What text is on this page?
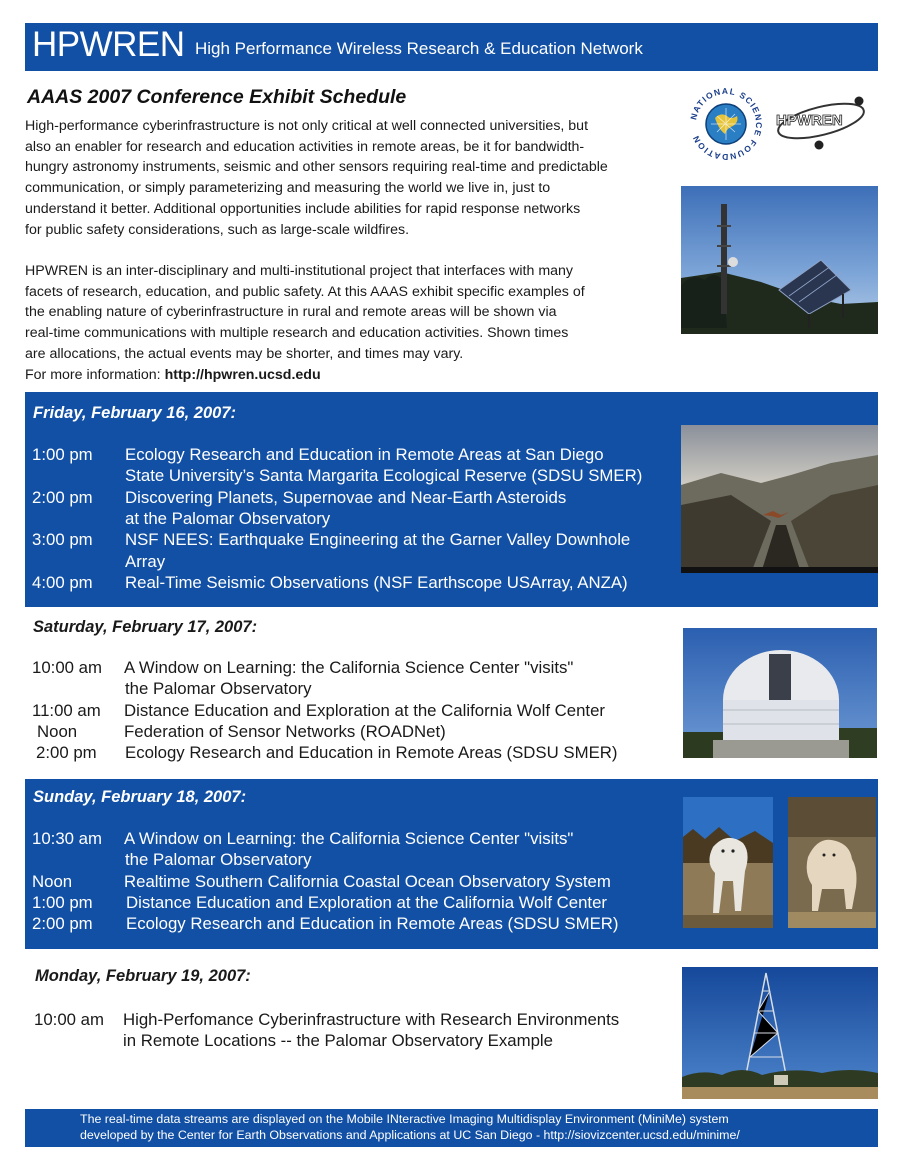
HPWREN High Performance Wireless Research & Education Network
AAAS 2007 Conference Exhibit Schedule
High-performance cyberinfrastructure is not only critical at well connected universities, but
also an enabler for research and education activities in remote areas, be it for bandwidth-
hungry astronomy instruments, seismic and other sensors requiring real-time and predictable
communication, or simply parameterizing and measuring the world we live in, just to
understand it better. Additional opportunities include abilities for rapid response networks
for public safety considerations, such as large-scale wildfires.
HPWREN is an inter-disciplinary and multi-institutional project that interfaces with many
facets of research, education, and public safety. At this AAAS exhibit specific examples of
the enabling nature of cyberinfrastructure in rural and remote areas will be shown via
real-time communications with multiple research and education activities. Shown times
are allocations, the actual events may be shorter, and times may vary.
For more information: http://hpwren.ucsd.edu
NATIONAL SCIENCE FOUNDATION
HPWREN
Friday, February 16, 2007:
1:00 pm Ecology Research and Education in Remote Areas at San Diego
State University’s Santa Margarita Ecological Reserve (SDSU SMER)
2:00 pm Discovering Planets, Supernovae and Near-Earth Asteroids
at the Palomar Observatory
3:00 pm NSF NEES: Earthquake Engineering at the Garner Valley Downhole
Array
4:00 pm Real-Time Seismic Observations (NSF Earthscope USArray, ANZA)
Saturday, February 17, 2007:
10:00 am A Window on Learning: the California Science Center "visits"
the Palomar Observatory
11:00 am Distance Education and Exploration at the California Wolf Center
Noon	Federation of Sensor Networks (ROADNet)
2:00 pm Ecology Research and Education in Remote Areas (SDSU SMER)
Sunday, February 18, 2007:
10:30 am A Window on Learning: the California Science Center "visits"
the Palomar Observatory
Noon	Realtime Southern California Coastal Ocean Observatory System
1:00 pm Distance Education and Exploration at the California Wolf Center
2:00 pm Ecology Research and Education in Remote Areas (SDSU SMER)
Monday, February 19, 2007:
10:00 am High-Perfomance Cyberinfrastructure with Research Environments
in Remote Locations -- the Palomar Observatory Example
The real-time data streams are displayed on the Mobile INteractive Imaging Multidisplay Environment (MiniMe) system
developed by the Center for Earth Observations and Applications at UC San Diego - http://siovizcenter.ucsd.edu/minime/
